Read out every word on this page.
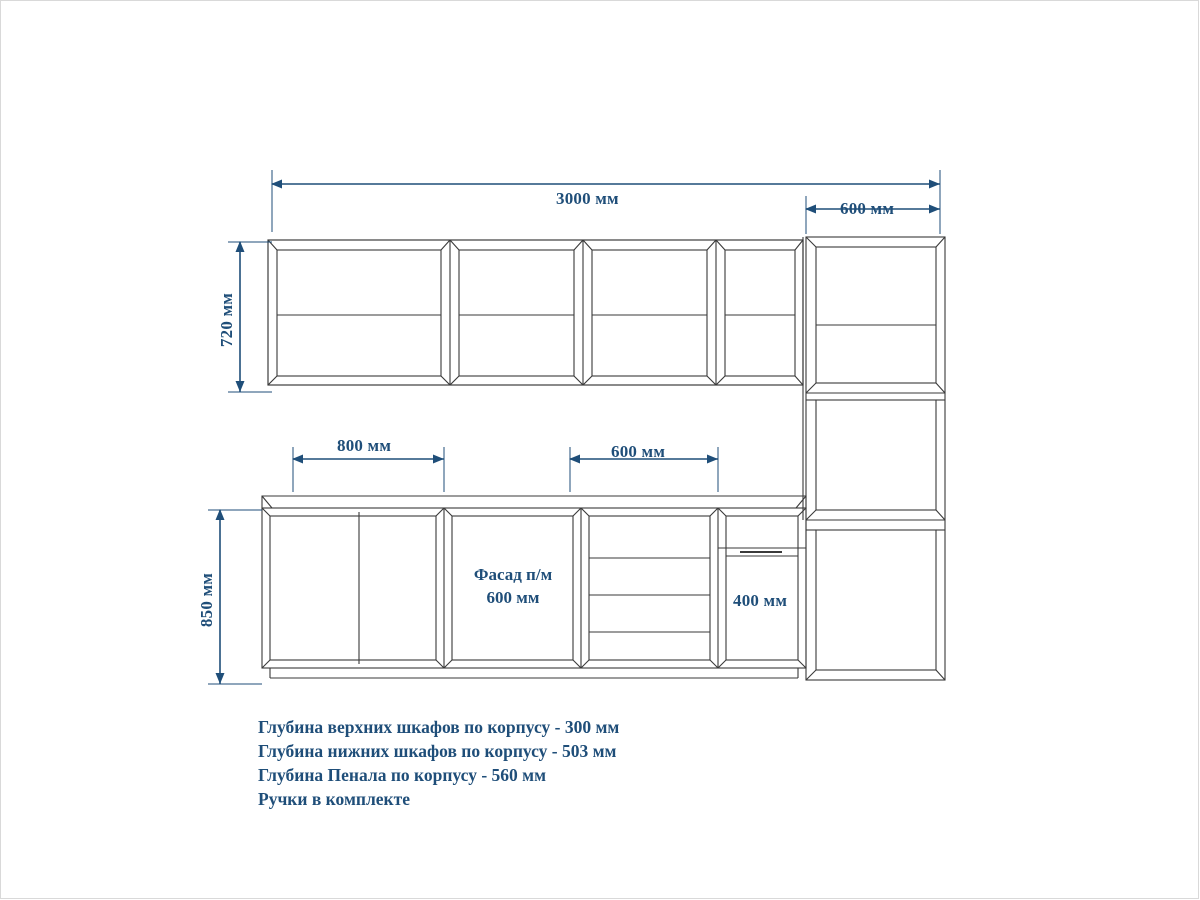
3000 мм
600 мм
720 мм
850 мм
800 мм	600 мм
400 мм
Фасад п/м
600 мм
Глубина верхних шкафов по корпусу - 300 мм
Глубина нижних шкафов по корпусу - 503 мм
Глубина Пенала по корпусу - 560 мм
Ручки в комплекте
